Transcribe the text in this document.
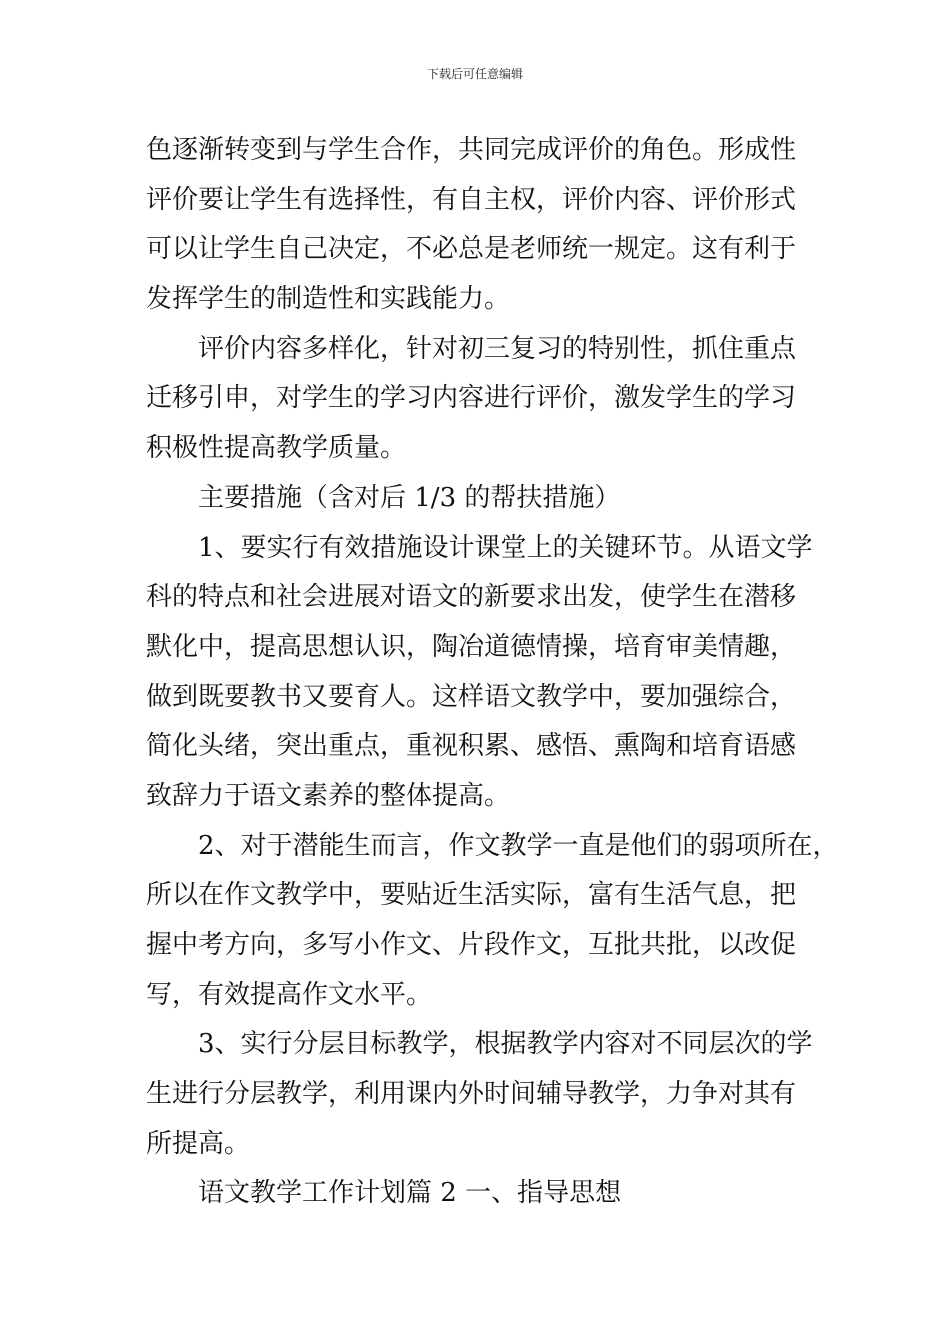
下载后可任意编辑
色逐渐转变到与学生合作，共同完成评价的角色。形成性
评价要让学生有选择性，有自主权，评价内容、评价形式
可以让学生自己决定，不必总是老师统一规定。这有利于
发挥学生的制造性和实践能力。
评价内容多样化，针对初三复习的特别性，抓住重点
迁移引申，对学生的学习内容进行评价，激发学生的学习
积极性提高教学质量。
主要措施（含对后 1/3 的帮扶措施）
1、要实行有效措施设计课堂上的关键环节。从语文学
科的特点和社会进展对语文的新要求出发，使学生在潜移
默化中，提高思想认识，陶冶道德情操，培育审美情趣，
做到既要教书又要育人。这样语文教学中，要加强综合，
简化头绪，突出重点，重视积累、感悟、熏陶和培育语感
致辞力于语文素养的整体提高。
2、对于潜能生而言，作文教学一直是他们的弱项所在，
所以在作文教学中，要贴近生活实际，富有生活气息，把
握中考方向，多写小作文、片段作文，互批共批，以改促
写，有效提高作文水平。
3、实行分层目标教学，根据教学内容对不同层次的学
生进行分层教学，利用课内外时间辅导教学，力争对其有
所提高。
语文教学工作计划篇 2 一、指导思想
